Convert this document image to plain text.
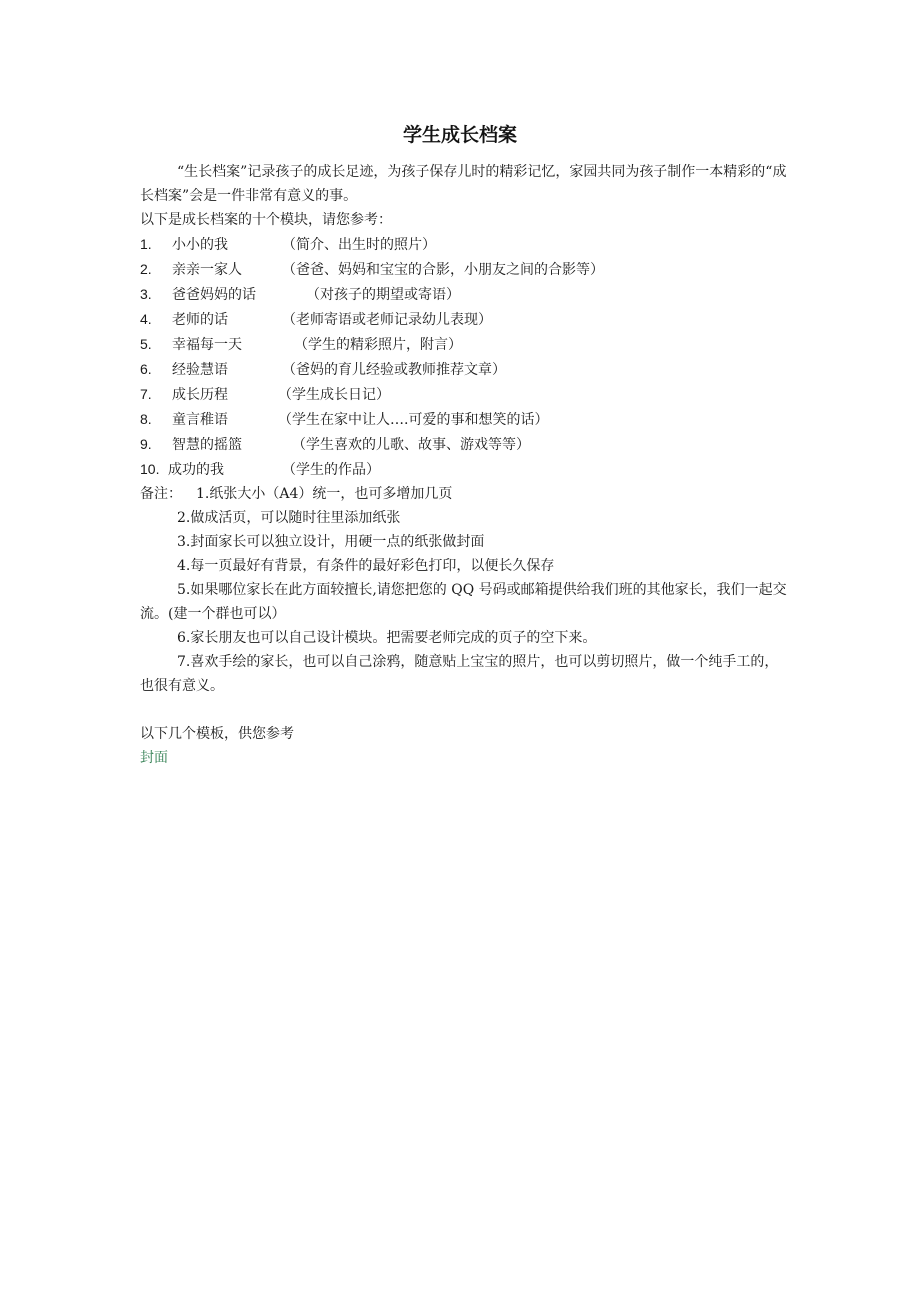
学生成长档案

“生长档案”记录孩子的成长足迹，为孩子保存儿时的精彩记忆，家园共同为孩子制作一本精彩的“成长档案”会是一件非常有意义的事。

以下是成长档案的十个模块，请您参考：

1. 小小的我	（简介、出生时的照片）

2. 亲亲一家人	（爸爸、妈妈和宝宝的合影，小朋友之间的合影等）

3. 爸爸妈妈的话	（对孩子的期望或寄语）

4. 老师的话	（老师寄语或老师记录幼儿表现）

5. 幸福每一天	（学生的精彩照片，附言）

6. 经验慧语	（爸妈的育儿经验或教师推荐文章）

7. 成长历程	（学生成长日记）

8. 童言稚语	（学生在家中让人….可爱的事和想笑的话）

9. 智慧的摇篮	（学生喜欢的儿歌、故事、游戏等等）

10. 成功的我	（学生的作品）

备注： 1.纸张大小（A4）统一，也可多增加几页

2.做成活页，可以随时往里添加纸张

3.封面家长可以独立设计，用硬一点的纸张做封面

4.每一页最好有背景，有条件的最好彩色打印，以便长久保存

5.如果哪位家长在此方面较擅长,请您把您的 QQ 号码或邮箱提供给我们班的其他家长，我们一起交流。(建一个群也可以）

6.家长朋友也可以自己设计模块。把需要老师完成的页子的空下来。

7.喜欢手绘的家长，也可以自己涂鸦，随意贴上宝宝的照片，也可以剪切照片，做一个纯手工的，也很有意义。

以下几个模板，供您参考

封面
